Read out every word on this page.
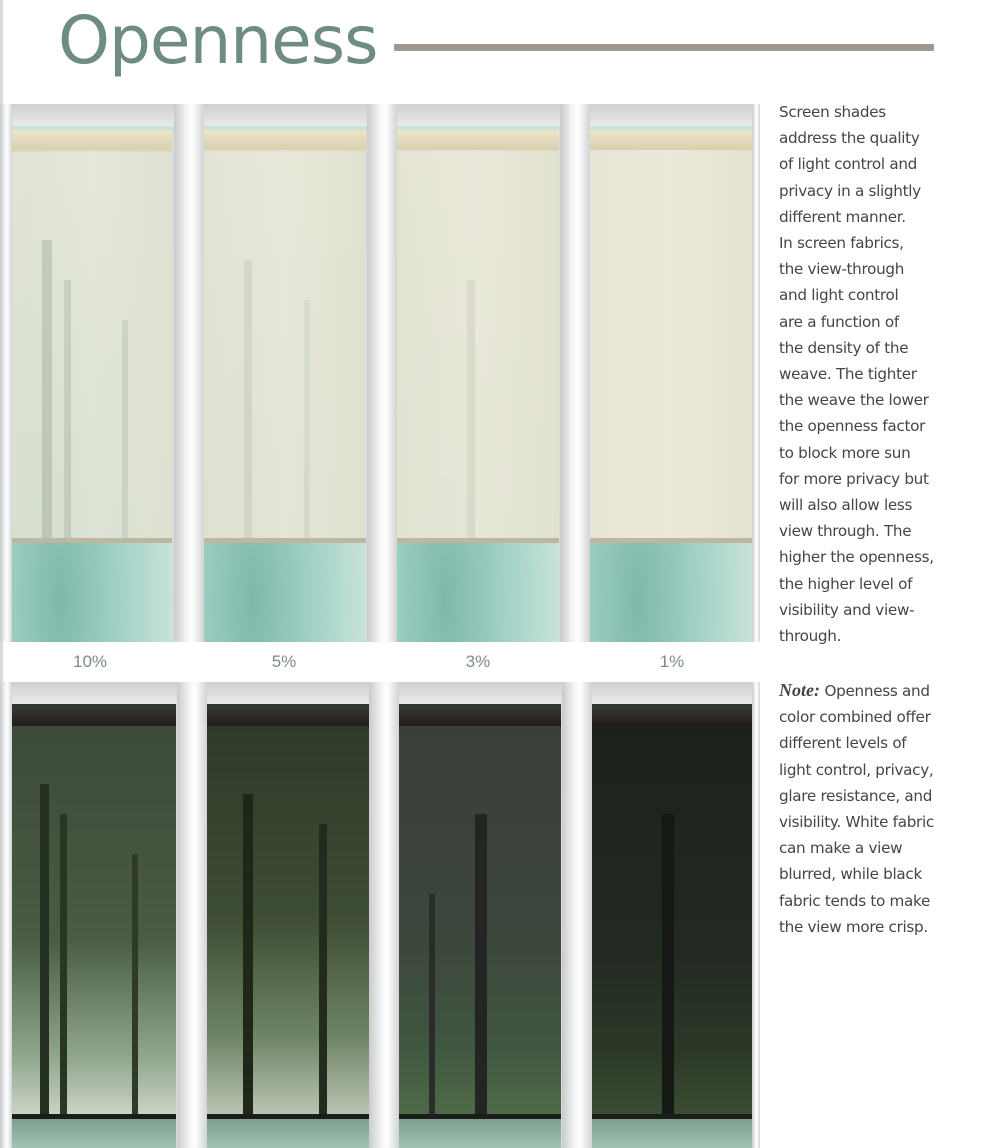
Openness
10%	5%	3%	1%

Screen shades
address the quality
of light control and
privacy in a slightly
different manner.
In screen fabrics,
the view-through
and light control
are a function of
the density of the
weave. The tighter
the weave the lower
the openness factor
to block more sun
for more privacy but
will also allow less
view through. The
higher the openness,
the higher level of
visibility and view-
through.

Note: Openness and
color combined offer
different levels of
light control, privacy,
glare resistance, and
visibility. White fabric
can make a view
blurred, while black
fabric tends to make
the view more crisp.
